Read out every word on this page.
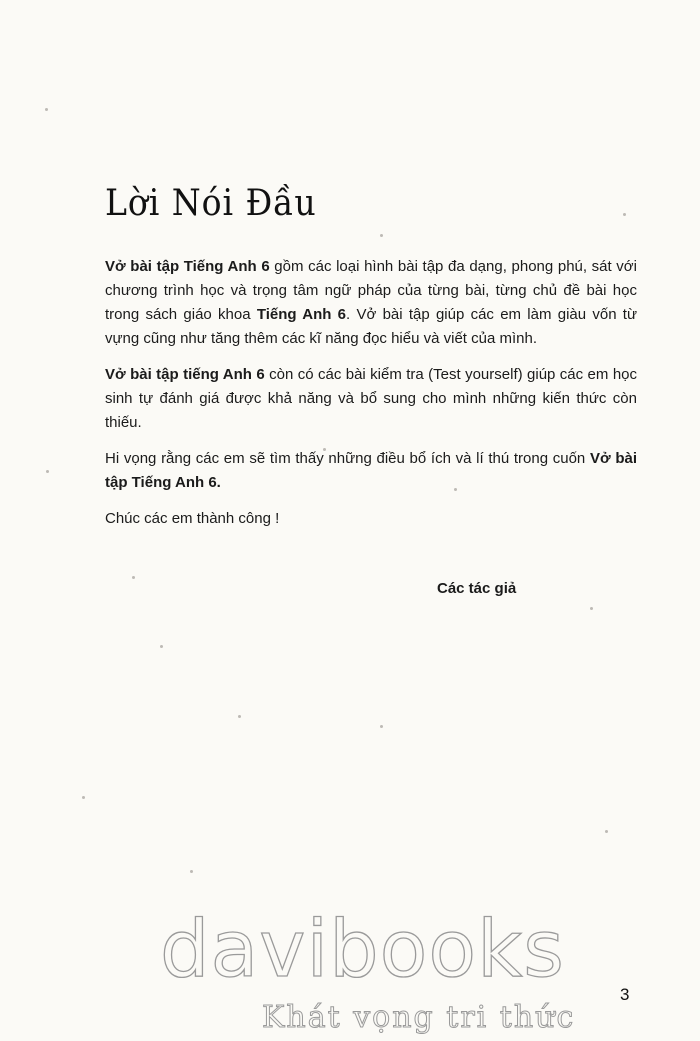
Lời Nói Đầu

Vở bài tập Tiếng Anh 6 gồm các loại hình bài tập đa dạng, phong phú, sát với chương trình học và trọng tâm ngữ pháp của từng bài, từng chủ đề bài học trong sách giáo khoa Tiếng Anh 6. Vở bài tập giúp các em làm giàu vốn từ vựng cũng như tăng thêm các kĩ năng đọc hiểu và viết của mình.

Vở bài tập tiếng Anh 6 còn có các bài kiểm tra (Test yourself) giúp các em học sinh tự đánh giá được khả năng và bổ sung cho mình những kiến thức còn thiếu.

Hi vọng rằng các em sẽ tìm thấy những điều bổ ích và lí thú trong cuốn Vở bài tập Tiếng Anh 6.

Chúc các em thành công !

Các tác giả
davibooks
Khát vọng tri thức
3
